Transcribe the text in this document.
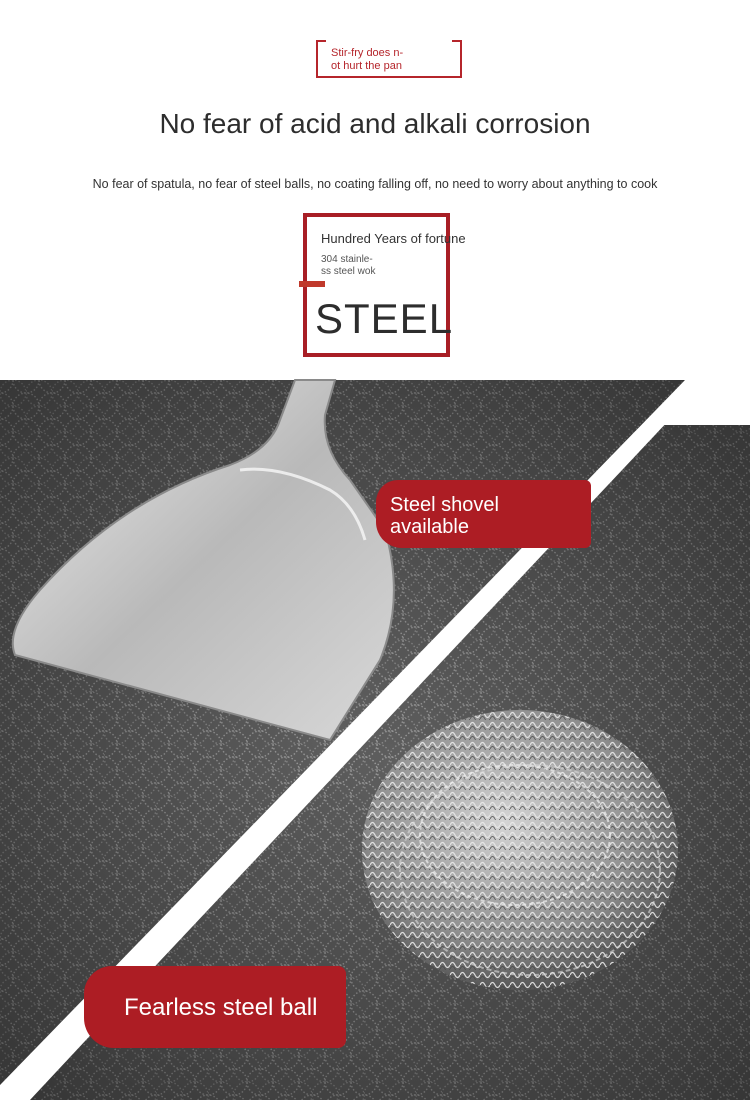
Stir-fry does n-
ot hurt the pan
No fear of acid and alkali corrosion
No fear of spatula, no fear of steel balls, no coating falling off, no need to worry about anything to cook
Hundred Years of fortune
304 stainle-
ss steel wok
STEEL
Steel shovel
available
Fearless steel ball
